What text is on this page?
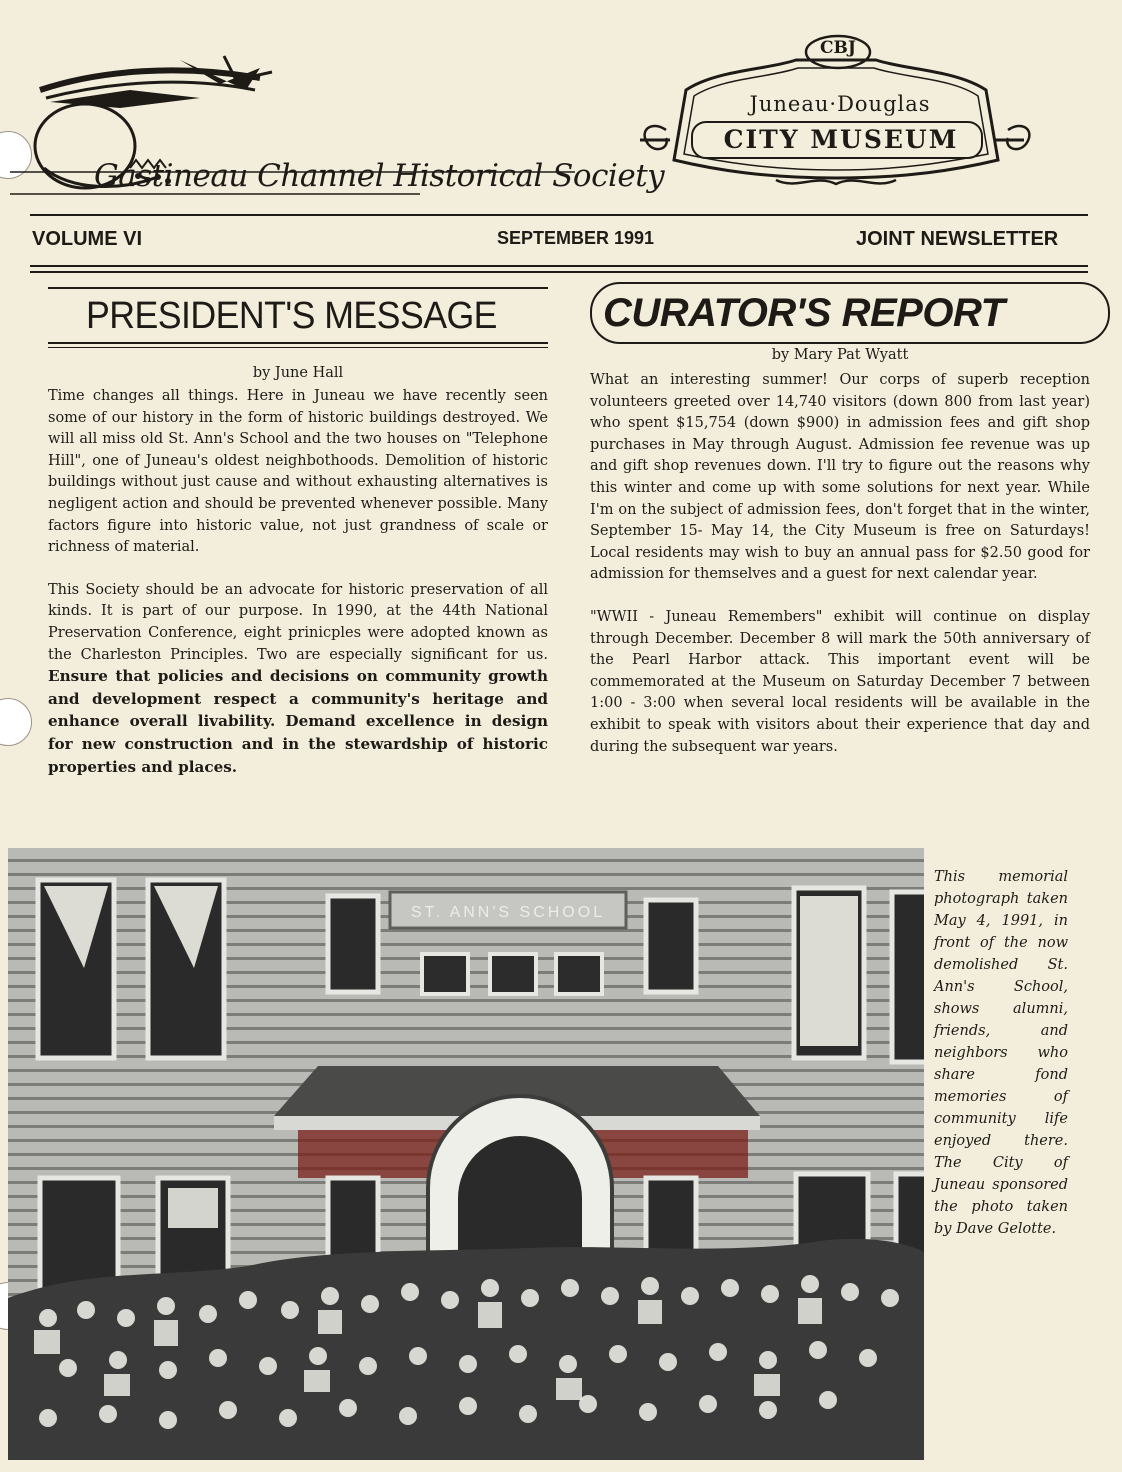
Gastineau Channel Historical Society
CBJ
Juneau·Douglas
CITY MUSEUM
VOLUME VI	SEPTEMBER 1991	JOINT NEWSLETTER
PRESIDENT'S MESSAGE
by June Hall

Time changes all things. Here in Juneau we have recently seen some of our history in the form of historic buildings destroyed. We will all miss old St. Ann's School and the two houses on "Telephone Hill", one of Juneau's oldest neighbothoods. Demolition of historic buildings without just cause and without exhausting alternatives is negligent action and should be prevented whenever possible. Many factors figure into historic value, not just grandness of scale or richness of material.

This Society should be an advocate for historic preservation of all kinds. It is part of our purpose. In 1990, at the 44th National Preservation Conference, eight prinicples were adopted known as the Charleston Principles. Two are especially significant for us. Ensure that policies and decisions on community growth and development respect a community's heritage and enhance overall livability. Demand excellence in design for new construction and in the stewardship of historic properties and places.

CURATOR'S REPORT
by Mary Pat Wyatt

What an interesting summer! Our corps of superb reception volunteers greeted over 14,740 visitors (down 800 from last year) who spent $15,754 (down $900) in admission fees and gift shop purchases in May through August. Admission fee revenue was up and gift shop revenues down. I'll try to figure out the reasons why this winter and come up with some solutions for next year. While I'm on the subject of admission fees, don't forget that in the winter, September 15- May 14, the City Museum is free on Saturdays! Local residents may wish to buy an annual pass for $2.50 good for admission for themselves and a guest for next calendar year.

"WWII - Juneau Remembers" exhibit will continue on display through December. December 8 will mark the 50th anniversary of the Pearl Harbor attack. This important event will be commemorated at the Museum on Saturday December 7 between 1:00 - 3:00 when several local residents will be available in the exhibit to speak with visitors about their experience that day and during the subsequent war years.

ST. ANN'S SCHOOL
This memorial photograph taken May 4, 1991, in front of the now demolished St. Ann's School, shows alumni, friends, and neighbors who share fond memories of community life enjoyed there. The City of Juneau sponsored the photo taken by Dave Gelotte.
